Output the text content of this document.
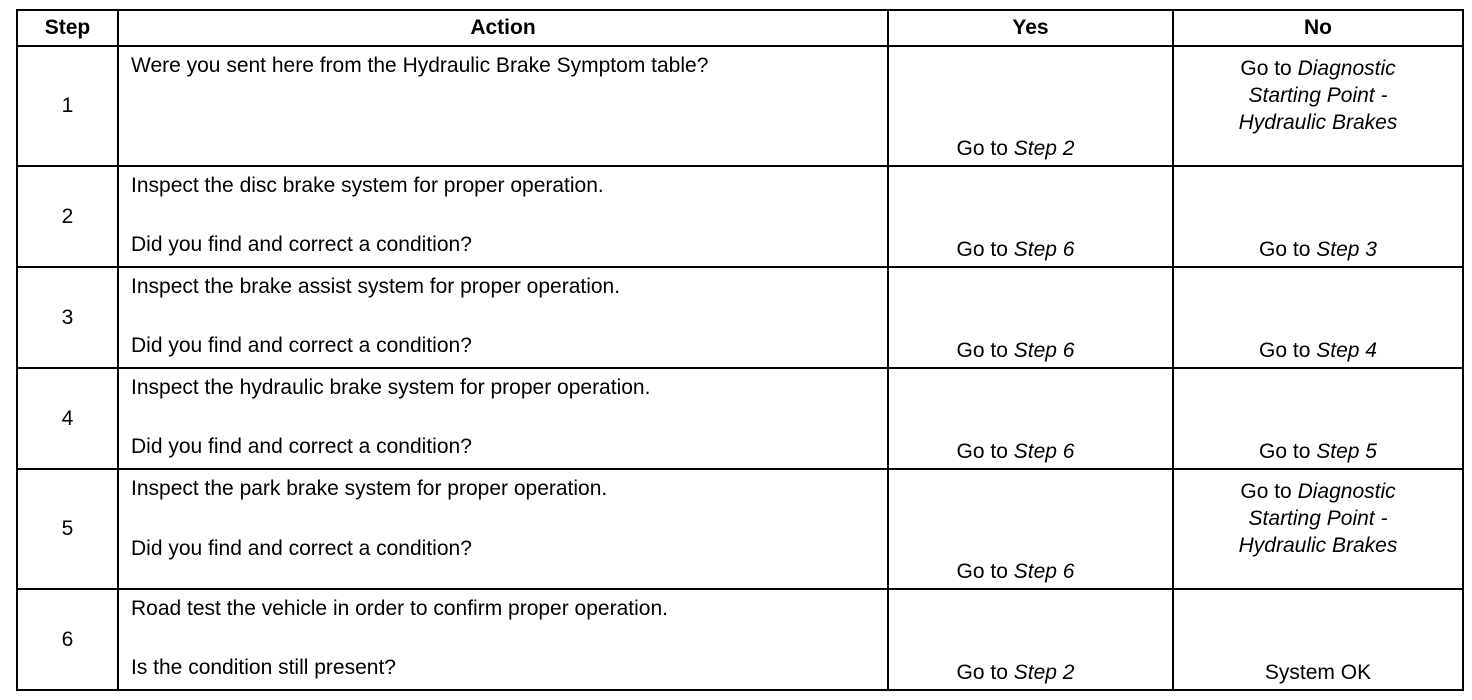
Step	Action	Yes	No
1	Were you sent here from the Hydraulic Brake Symptom table?	Go to Step 2	Go to Diagnostic
Starting Point -
Hydraulic Brakes
2	Inspect the disc brake system for proper operation.
Did you find and correct a condition?	Go to Step 6	Go to Step 3
3	Inspect the brake assist system for proper operation.
Did you find and correct a condition?	Go to Step 6	Go to Step 4
4	Inspect the hydraulic brake system for proper operation.
Did you find and correct a condition?	Go to Step 6	Go to Step 5
5	Inspect the park brake system for proper operation.
Did you find and correct a condition?	Go to Step 6	Go to Diagnostic
Starting Point -
Hydraulic Brakes
6	Road test the vehicle in order to confirm proper operation.
Is the condition still present?	Go to Step 2	System OK
